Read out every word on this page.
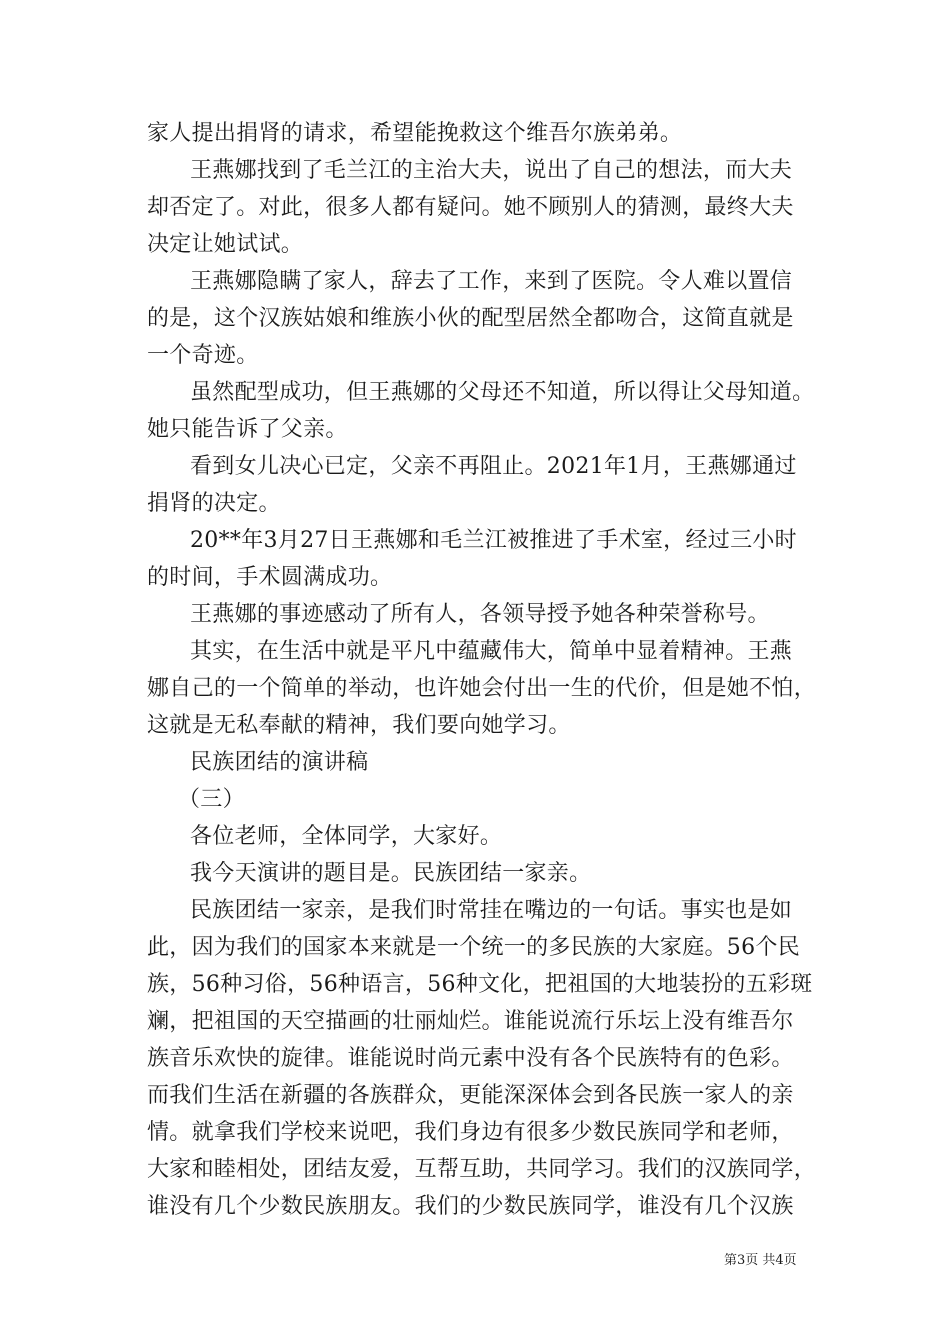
家人提出捐肾的请求，希望能挽救这个维吾尔族弟弟。
王燕娜找到了毛兰江的主治大夫，说出了自己的想法，而大夫
却否定了。对此，很多人都有疑问。她不顾别人的猜测，最终大夫
决定让她试试。
王燕娜隐瞒了家人，辞去了工作，来到了医院。令人难以置信
的是，这个汉族姑娘和维族小伙的配型居然全都吻合，这简直就是
一个奇迹。
虽然配型成功，但王燕娜的父母还不知道，所以得让父母知道。
她只能告诉了父亲。
看到女儿决心已定，父亲不再阻止。2021年1月，王燕娜通过
捐肾的决定。
20**年3月27日王燕娜和毛兰江被推进了手术室，经过三小时
的时间，手术圆满成功。
王燕娜的事迹感动了所有人，各领导授予她各种荣誉称号。
其实，在生活中就是平凡中蕴藏伟大，简单中显着精神。王燕
娜自己的一个简单的举动，也许她会付出一生的代价，但是她不怕，
这就是无私奉献的精神，我们要向她学习。
民族团结的演讲稿
（三）
各位老师，全体同学，大家好。
我今天演讲的题目是。民族团结一家亲。
民族团结一家亲，是我们时常挂在嘴边的一句话。事实也是如
此，因为我们的国家本来就是一个统一的多民族的大家庭。56个民
族，56种习俗，56种语言，56种文化，把祖国的大地装扮的五彩斑
斓，把祖国的天空描画的壮丽灿烂。谁能说流行乐坛上没有维吾尔
族音乐欢快的旋律。谁能说时尚元素中没有各个民族特有的色彩。
而我们生活在新疆的各族群众，更能深深体会到各民族一家人的亲
情。就拿我们学校来说吧，我们身边有很多少数民族同学和老师，
大家和睦相处，团结友爱，互帮互助，共同学习。我们的汉族同学，
谁没有几个少数民族朋友。我们的少数民族同学，谁没有几个汉族
第3页 共4页
